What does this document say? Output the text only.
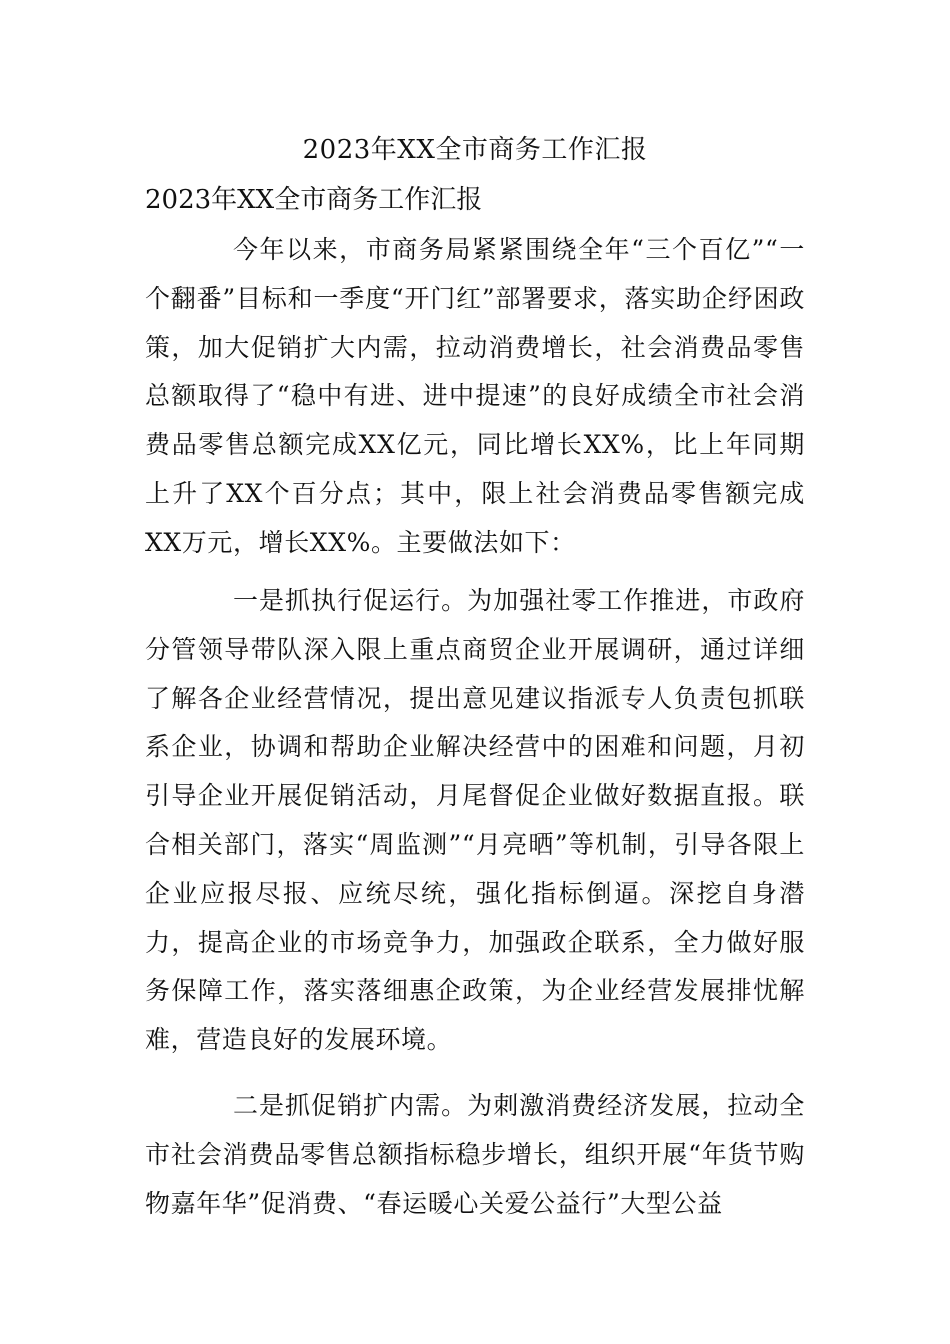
2023年XX全市商务工作汇报
2023年XX全市商务工作汇报

今年以来，市商务局紧紧围绕全年“三个百亿”“一个翻番”目标和一季度“开门红”部署要求，落实助企纾困政策，加大促销扩大内需，拉动消费增长，社会消费品零售总额取得了“稳中有进、进中提速”的良好成绩全市社会消费品零售总额完成XX亿元，同比增长XX%，比上年同期上升了XX个百分点；其中，限上社会消费品零售额完成XX万元，增长XX%。主要做法如下：

一是抓执行促运行。为加强社零工作推进，市政府分管领导带队深入限上重点商贸企业开展调研，通过详细了解各企业经营情况，提出意见建议指派专人负责包抓联系企业，协调和帮助企业解决经营中的困难和问题，月初引导企业开展促销活动，月尾督促企业做好数据直报。联合相关部门，落实“周监测”“月亮晒”等机制，引导各限上企业应报尽报、应统尽统，强化指标倒逼。深挖自身潜力，提高企业的市场竞争力，加强政企联系，全力做好服务保障工作，落实落细惠企政策，为企业经营发展排忧解难，营造良好的发展环境。

二是抓促销扩内需。为刺激消费经济发展，拉动全市社会消费品零售总额指标稳步增长，组织开展“年货节购物嘉年华”促消费、“春运暖心关爱公益行”大型公益
